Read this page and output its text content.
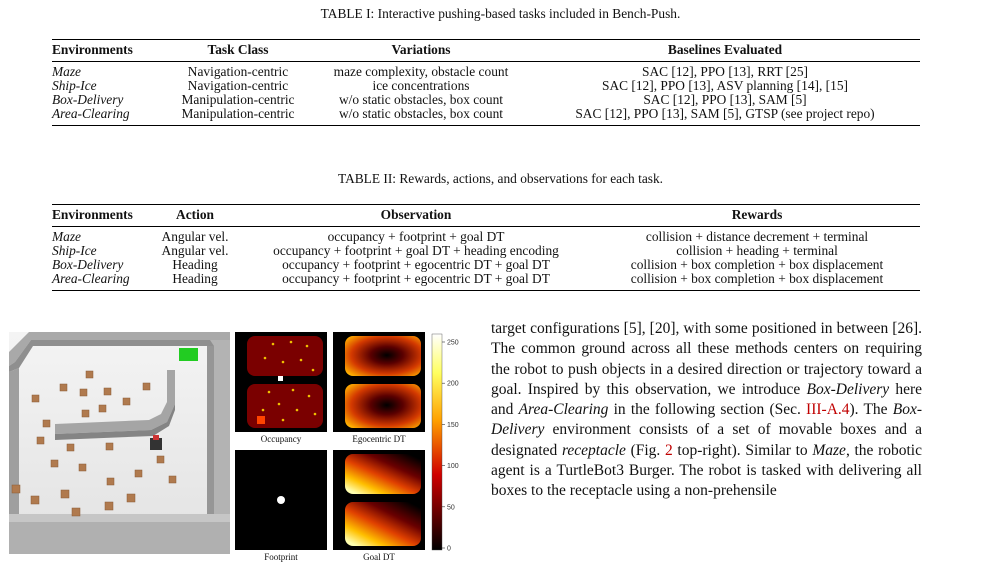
TABLE I: Interactive pushing-based tasks included in Bench-Push.
Environments	Task Class	Variations	Baselines Evaluated
Maze	Navigation-centric	maze complexity, obstacle count	SAC [12], PPO [13], RRT [25]
Ship-Ice	Navigation-centric	ice concentrations	SAC [12], PPO [13], ASV planning [14], [15]
Box-Delivery	Manipulation-centric	w/o static obstacles, box count	SAC [12], PPO [13], SAM [5]
Area-Clearing	Manipulation-centric	w/o static obstacles, box count	SAC [12], PPO [13], SAM [5], GTSP (see project repo)
TABLE II: Rewards, actions, and observations for each task.
Environments	Action	Observation	Rewards
Maze	Angular vel.	occupancy + footprint + goal DT	collision + distance decrement + terminal
Ship-Ice	Angular vel.	occupancy + footprint + goal DT + heading encoding	collision + heading + terminal
Box-Delivery	Heading	occupancy + footprint + egocentric DT + goal DT	collision + box completion + box displacement
Area-Clearing	Heading	occupancy + footprint + egocentric DT + goal DT	collision + box completion + box displacement
Occupancy	Egocentric DT
Footprint	Goal DT
250
200
150
100
50
0

target configurations [5], [20], with some positioned in between [26]. The common ground across all these methods centers on requiring the robot to push objects in a desired direction or trajectory toward a goal. Inspired by this observation, we introduce Box-Delivery here and Area-Clearing in the following section (Sec. III-A.4). The Box-Delivery environment consists of a set of movable boxes and a designated receptacle (Fig. 2 top-right). Similar to Maze, the robotic agent is a TurtleBot3 Burger. The robot is tasked with delivering all boxes to the receptacle using a non-prehensile
